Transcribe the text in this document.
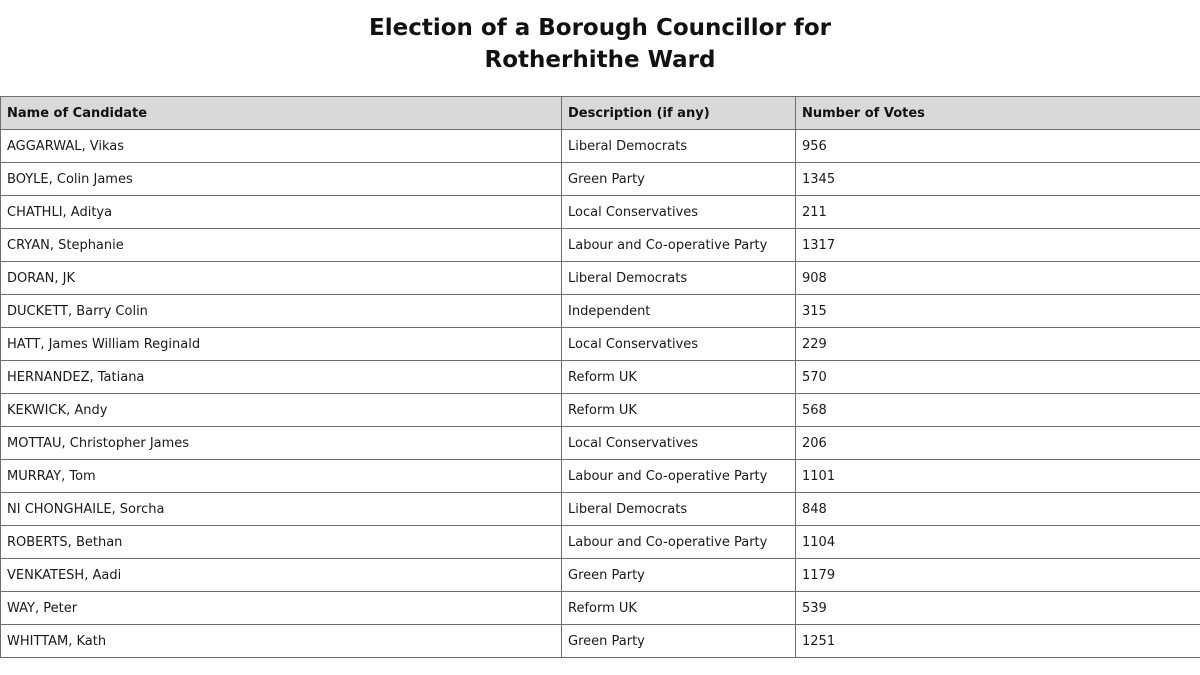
Election of a Borough Councillor for
Rotherhithe Ward
Name of Candidate	Description (if any)	Number of Votes
AGGARWAL, Vikas	Liberal Democrats	956
BOYLE, Colin James	Green Party	1345
CHATHLI, Aditya	Local Conservatives	211
CRYAN, Stephanie	Labour and Co-operative Party	1317
DORAN, JK	Liberal Democrats	908
DUCKETT, Barry Colin	Independent	315
HATT, James William Reginald	Local Conservatives	229
HERNANDEZ, Tatiana	Reform UK	570
KEKWICK, Andy	Reform UK	568
MOTTAU, Christopher James	Local Conservatives	206
MURRAY, Tom	Labour and Co-operative Party	1101
NI CHONGHAILE, Sorcha	Liberal Democrats	848
ROBERTS, Bethan	Labour and Co-operative Party	1104
VENKATESH, Aadi	Green Party	1179
WAY, Peter	Reform UK	539
WHITTAM, Kath	Green Party	1251
